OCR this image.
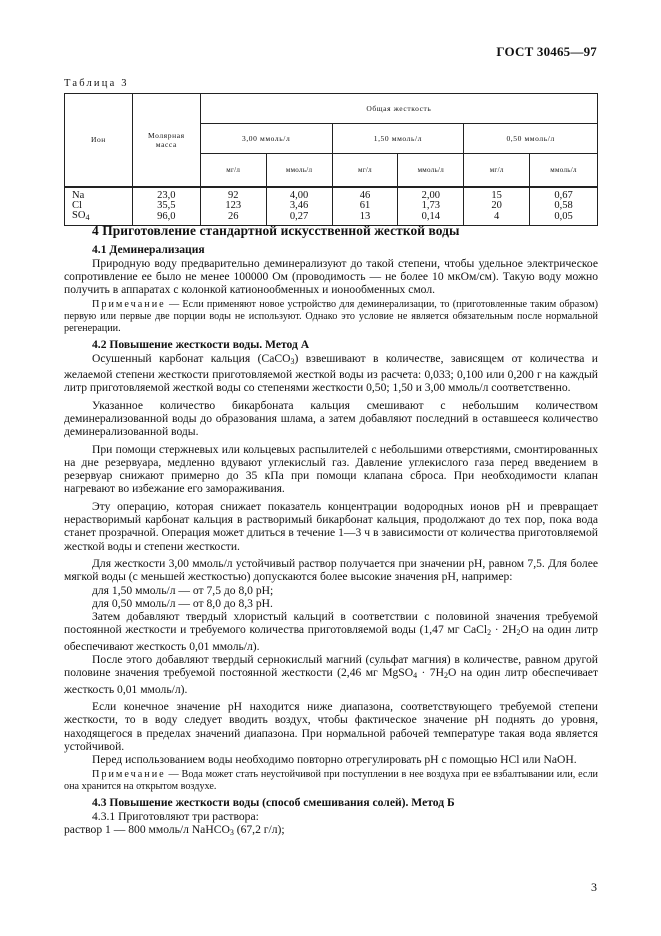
ГОСТ 30465—97
Таблица 3
Ион	Молярная масса	Общая жесткость					
		3,00 ммоль/л		1,50 ммоль/л		0,50 ммоль/л	
		мг/л	ммоль/л	мг/л	ммоль/л	мг/л	ммоль/л
Na	23,0	92	4,00	46	2,00	15	0,67
Cl	35,5	123	3,46	61	1,73	20	0,58
$SO_4$	96,0	26	0,27	13	0,14	4	0,05
4 Приготовление стандартной искусственной жесткой воды
4.1 Деминерализация

Природную воду предварительно деминерализуют до такой степени, чтобы удельное электрическое сопротивление ее было не менее 100000 Ом (проводимость — не более 10 мкОм/см). Такую воду можно получить в аппаратах с колонкой катионообменных и ионообменных смол.

Примечание — Если применяют новое устройство для деминерализации, то (приготовленные таким образом) первую или первые две порции воды не используют. Однако это условие не является обязательным после нормальной регенерации.

4.2 Повышение жесткости воды. Метод А

Осушенный карбонат кальция (CaCO$_3$) взвешивают в количестве, зависящем от количества и желаемой степени жесткости приготовляемой жесткой воды из расчета: 0,033; 0,100 или 0,200 г на каждый литр приготовляемой жесткой воды со степенями жесткости 0,50; 1,50 и 3,00 ммоль/л соответственно.

Указанное количество бикарбоната кальция смешивают с небольшим количеством деминерализованной воды до образования шлама, а затем добавляют последний в оставшееся количество деминерализованной воды.

При помощи стержневых или кольцевых распылителей с небольшими отверстиями, смонтированных на дне резервуара, медленно вдувают углекислый газ. Давление углекислого газа перед введением в резервуар снижают примерно до 35 кПа при помощи клапана сброса. При необходимости клапан нагревают во избежание его замораживания.

Эту операцию, которая снижает показатель концентрации водородных ионов pH и превращает нерастворимый карбонат кальция в растворимый бикарбонат кальция, продолжают до тех пор, пока вода станет прозрачной. Операция может длиться в течение 1—3 ч в зависимости от количества приготовляемой жесткой воды и степени жесткости.

Для жесткости 3,00 ммоль/л устойчивый раствор получается при значении pH, равном 7,5. Для более мягкой воды (с меньшей жесткостью) допускаются более высокие значения pH, например:

для 1,50 ммоль/л — от 7,5 до 8,0 pH;

для 0,50 ммоль/л — от 8,0 до 8,3 pH.

Затем добавляют твердый хлористый кальций в соответствии с половиной значения требуемой постоянной жесткости и требуемого количества приготовляемой воды (1,47 мг CaCl$_2$ · $2H_2O$ на один литр обеспечивают жесткость 0,01 ммоль/л).

После этого добавляют твердый сернокислый магний (сульфат магния) в количестве, равном другой половине значения требуемой постоянной жесткости (2,46 мг MgSO$_4$ · $7H_2O$ на один литр обеспечивает жесткость 0,01 ммоль/л).

Если конечное значение pH находится ниже диапазона, соответствующего требуемой степени жесткости, то в воду следует вводить воздух, чтобы фактическое значение pH поднять до уровня, находящегося в пределах значений диапазона. При нормальной рабочей температуре такая вода является устойчивой.

Перед использованием воды необходимо повторно отрегулировать pH с помощью HCl или NaOH.

Примечание — Вода может стать неустойчивой при поступлении в нее воздуха при ее взбалтывании или, если она хранится на открытом воздухе.

4.3 Повышение жесткости воды (способ смешивания солей). Метод Б

4.3.1 Приготовляют три раствора:

раствор 1 — 800 ммоль/л NaHCO$_3$ (67,2 г/л);

3
